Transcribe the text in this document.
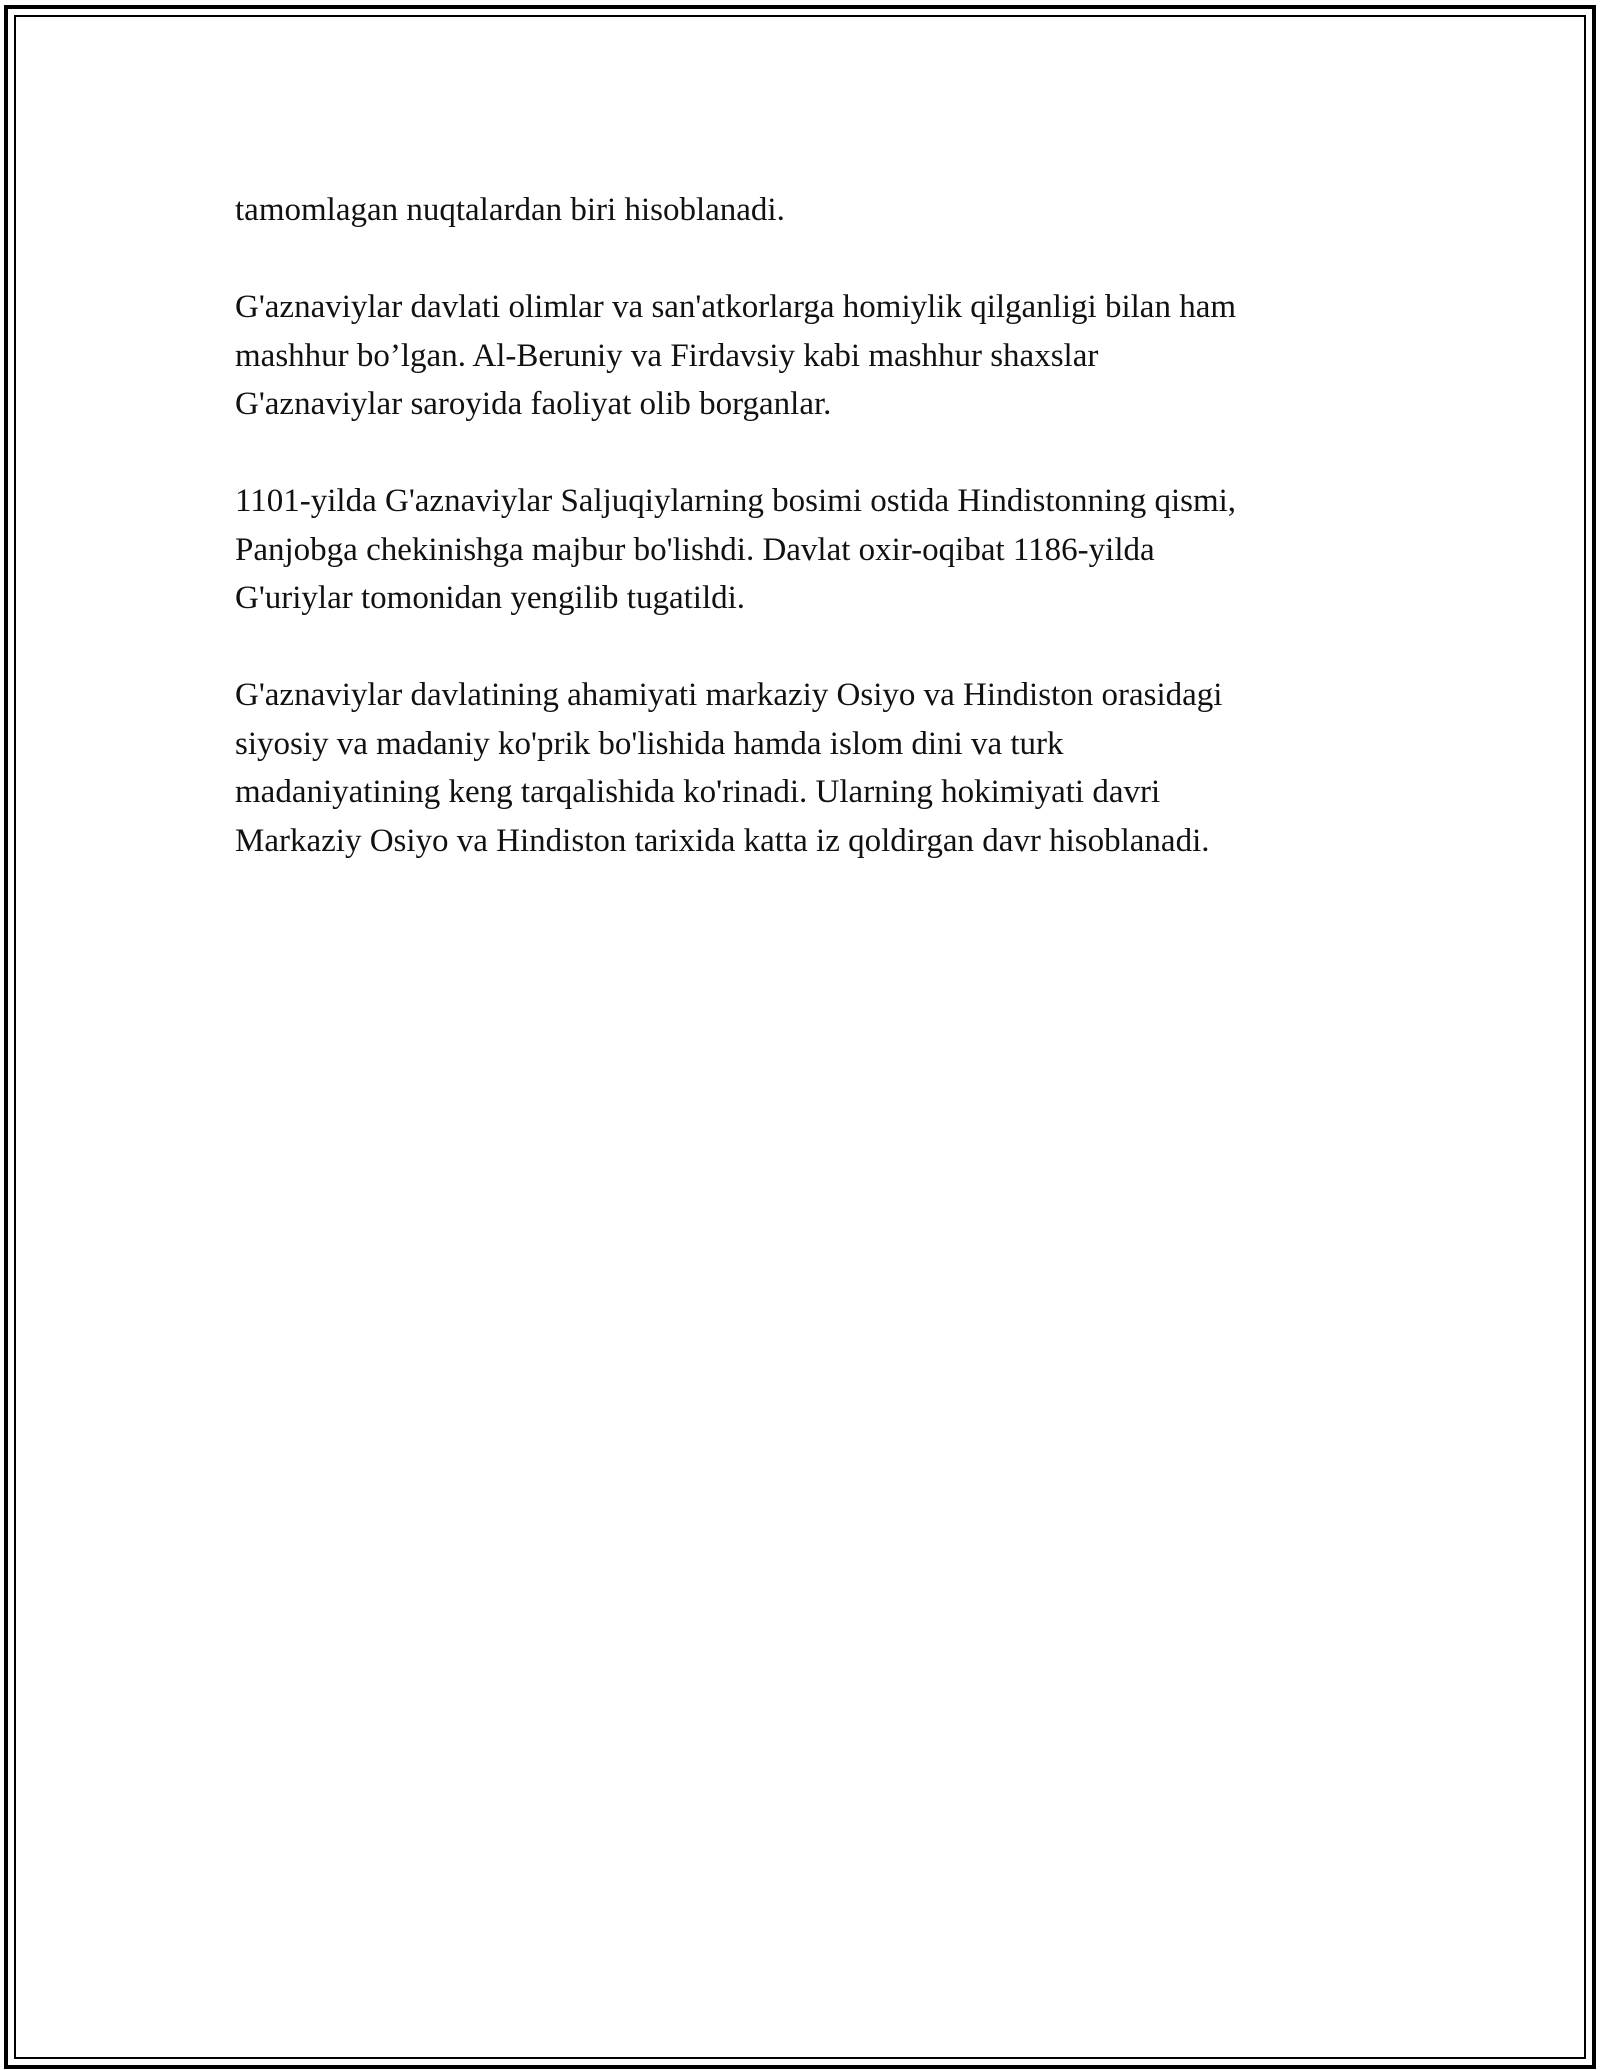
tamomlagan nuqtalardan biri hisoblanadi.

G'aznaviylar davlati olimlar va san'atkorlarga homiylik qilganligi bilan ham
mashhur bo’lgan. Al-Beruniy va Firdavsiy kabi mashhur shaxslar
G'aznaviylar saroyida faoliyat olib borganlar.

1101-yilda G'aznaviylar Saljuqiylarning bosimi ostida Hindistonning qismi,
Panjobga chekinishga majbur bo'lishdi. Davlat oxir-oqibat 1186-yilda
G'uriylar tomonidan yengilib tugatildi.

G'aznaviylar davlatining ahamiyati markaziy Osiyo va Hindiston orasidagi
siyosiy va madaniy ko'prik bo'lishida hamda islom dini va turk
madaniyatining keng tarqalishida ko'rinadi. Ularning hokimiyati davri
Markaziy Osiyo va Hindiston tarixida katta iz qoldirgan davr hisoblanadi.
